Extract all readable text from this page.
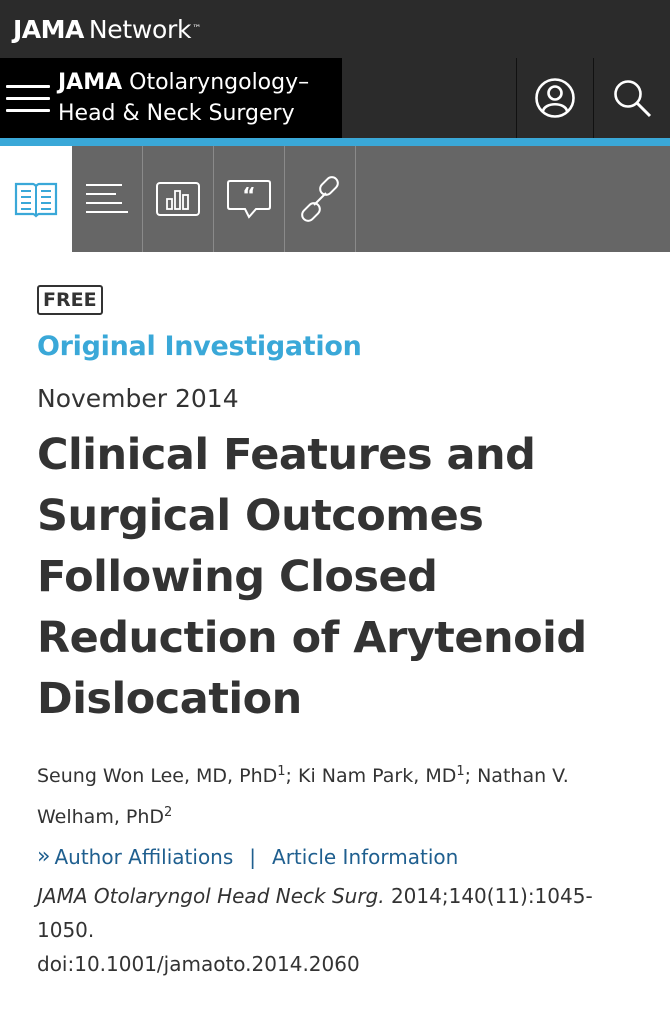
JAMA Network ™
JAMA Otolaryngology–
Head & Neck Surgery
“
FREE
Original Investigation
November 2014
Clinical Features and Surgical Outcomes Following Closed Reduction of Arytenoid Dislocation
Seung Won Lee, MD, PhD$^1$; Ki Nam Park, $MD^1$; Nathan V. Welham, PhD$^2$
» Author Affiliations | Article Information
JAMA Otolaryngol Head Neck Surg. 2014;140(11):1045-1050.
doi:10.1001/jamaoto.2014.2060
